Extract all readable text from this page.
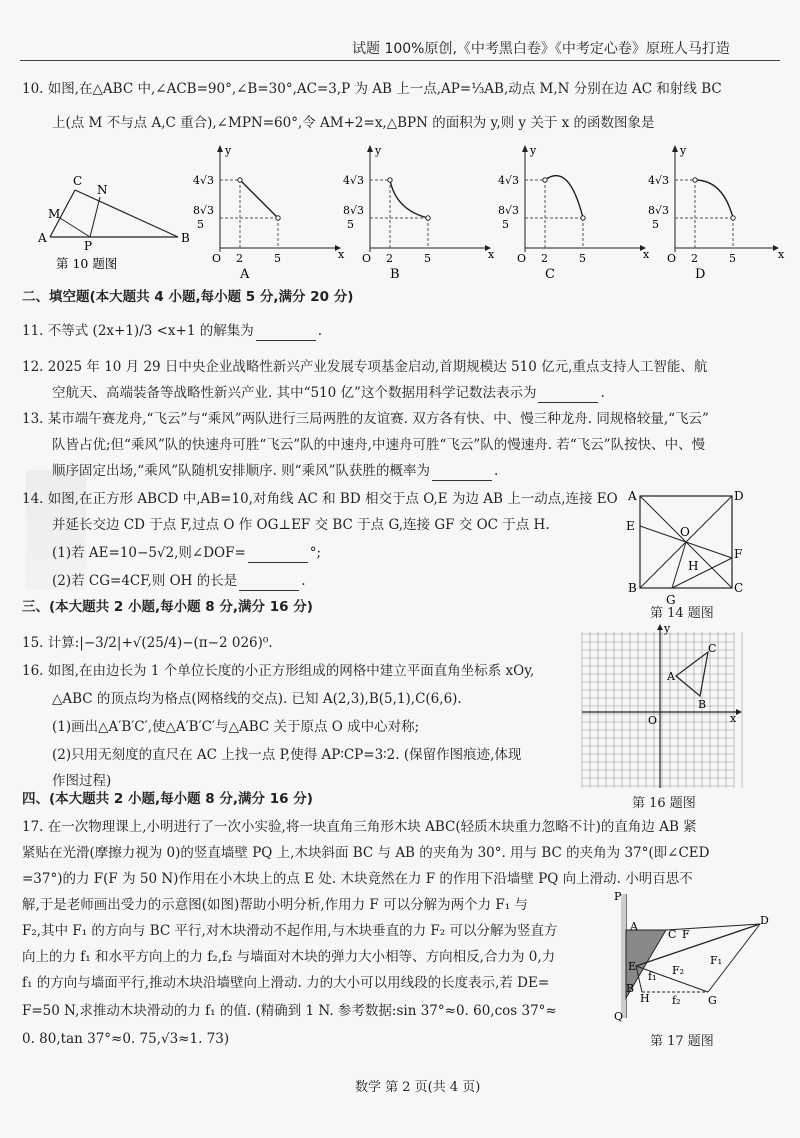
试题 100%原创,《中考黑白卷》《中考定心卷》原班人马打造
10. 如图,在△ABC 中,∠ACB=90°,∠B=30°,AC=3,P 为 AB 上一点,AP=⅓AB,动点 M,N 分别在边 AC 和射线 BC
上(点 M 不与点 A,C 重合),∠MPN=60°,令 AM+2=x,△BPN 的面积为 y,则 y 关于 x 的函数图象是
C
N
M
A
P
B
第 10 题图
4√3
8√3
5
O 2	5	x
y
A
4√3
8√3
5
O 2	5	x
y
B
4√3
8√3
5
O 2	5	x
y
C
4√3
8√3
5
O 2	5	x
y
D
二、填空题(本大题共 4 小题,每小题 5 分,满分 20 分)
11. 不等式 (2x+1)/3 <x+1 的解集为	.
12. 2025 年 10 月 29 日中央企业战略性新兴产业发展专项基金启动,首期规模达 510 亿元,重点支持人工智能、航
空航天、高端装备等战略性新兴产业. 其中“510 亿”这个数据用科学记数法表示为	.
13. 某市端午赛龙舟,“飞云”与“乘风”两队进行三局两胜的友谊赛. 双方各有快、中、慢三种龙舟. 同规格较量,“飞云”
队皆占优;但“乘风”队的快速舟可胜“飞云”队的中速舟,中速舟可胜“飞云”队的慢速舟. 若“飞云”队按快、中、慢
顺序固定出场,“乘风”队随机安排顺序. 则“乘风”队获胜的概率为	.
14. 如图,在正方形 ABCD 中,AB=10,对角线 AC 和 BD 相交于点 O,E 为边 AB 上一动点,连接 EO
并延长交边 CD 于点 F,过点 O 作 OG⊥EF 交 BC 于点 G,连接 GF 交 OC 于点 H.
(1)若 AE=10−5√2,则∠DOF=	°;
(2)若 CG=4CF,则 OH 的长是	.
A	D
E	O
F
H
B
G
C
第 14 题图
三、(本大题共 2 小题,每小题 8 分,满分 16 分)
15. 计算:|−3/2|+√(25/4)−(π−2 026)⁰.
16. 如图,在由边长为 1 个单位长度的小正方形组成的网格中建立平面直角坐标系 xOy,
△ABC 的顶点均为格点(网格线的交点). 已知 A(2,3),B(5,1),C(6,6).
(1)画出△A′B′C′,使△A′B′C′与△ABC 关于原点 O 成中心对称;
(2)只用无刻度的直尺在 AC 上找一点 P,使得 AP∶CP=3∶2. (保留作图痕迹,体现
作图过程)
y
C
A
B
O	x
第 16 题图
四、(本大题共 2 小题,每小题 8 分,满分 16 分)
17. 在一次物理课上,小明进行了一次小实验,将一块直角三角形木块 ABC(轻质木块重力忽略不计)的直角边 AB 紧
紧贴在光滑(摩擦力视为 0)的竖直墙壁 PQ 上,木块斜面 BC 与 AB 的夹角为 30°. 用与 BC 的夹角为 37°(即∠CED
=37°)的力 F(F 为 50 N)作用在小木块上的点 E 处. 木块竟然在力 F 的作用下沿墙壁 PQ 向上滑动. 小明百思不
解,于是老师画出受力的示意图(如图)帮助小明分析,作用力 F 可以分解为两个力 F₁ 与
F₂,其中 F₁ 的方向与 BC 平行,对木块滑动不起作用,与木块垂直的力 F₂ 可以分解为竖直方
向上的力 f₁ 和水平方向上的力 f₂,f₂ 与墙面对木块的弹力大小相等、方向相反,合力为 0,力
f₁ 的方向与墙面平行,推动木块沿墙壁向上滑动. 力的大小可以用线段的长度表示,若 DE=
F=50 N,求推动木块滑动的力 f₁ 的值. (精确到 1 N. 参考数据:sin 37°≈0. 60,cos 37°≈
0. 80,tan 37°≈0. 75,√3≈1. 73)
P
A
C F
D
E
f₁ F₂
F₁
B
H f₂	G
Q
第 17 题图
数学 第 2 页(共 4 页)
